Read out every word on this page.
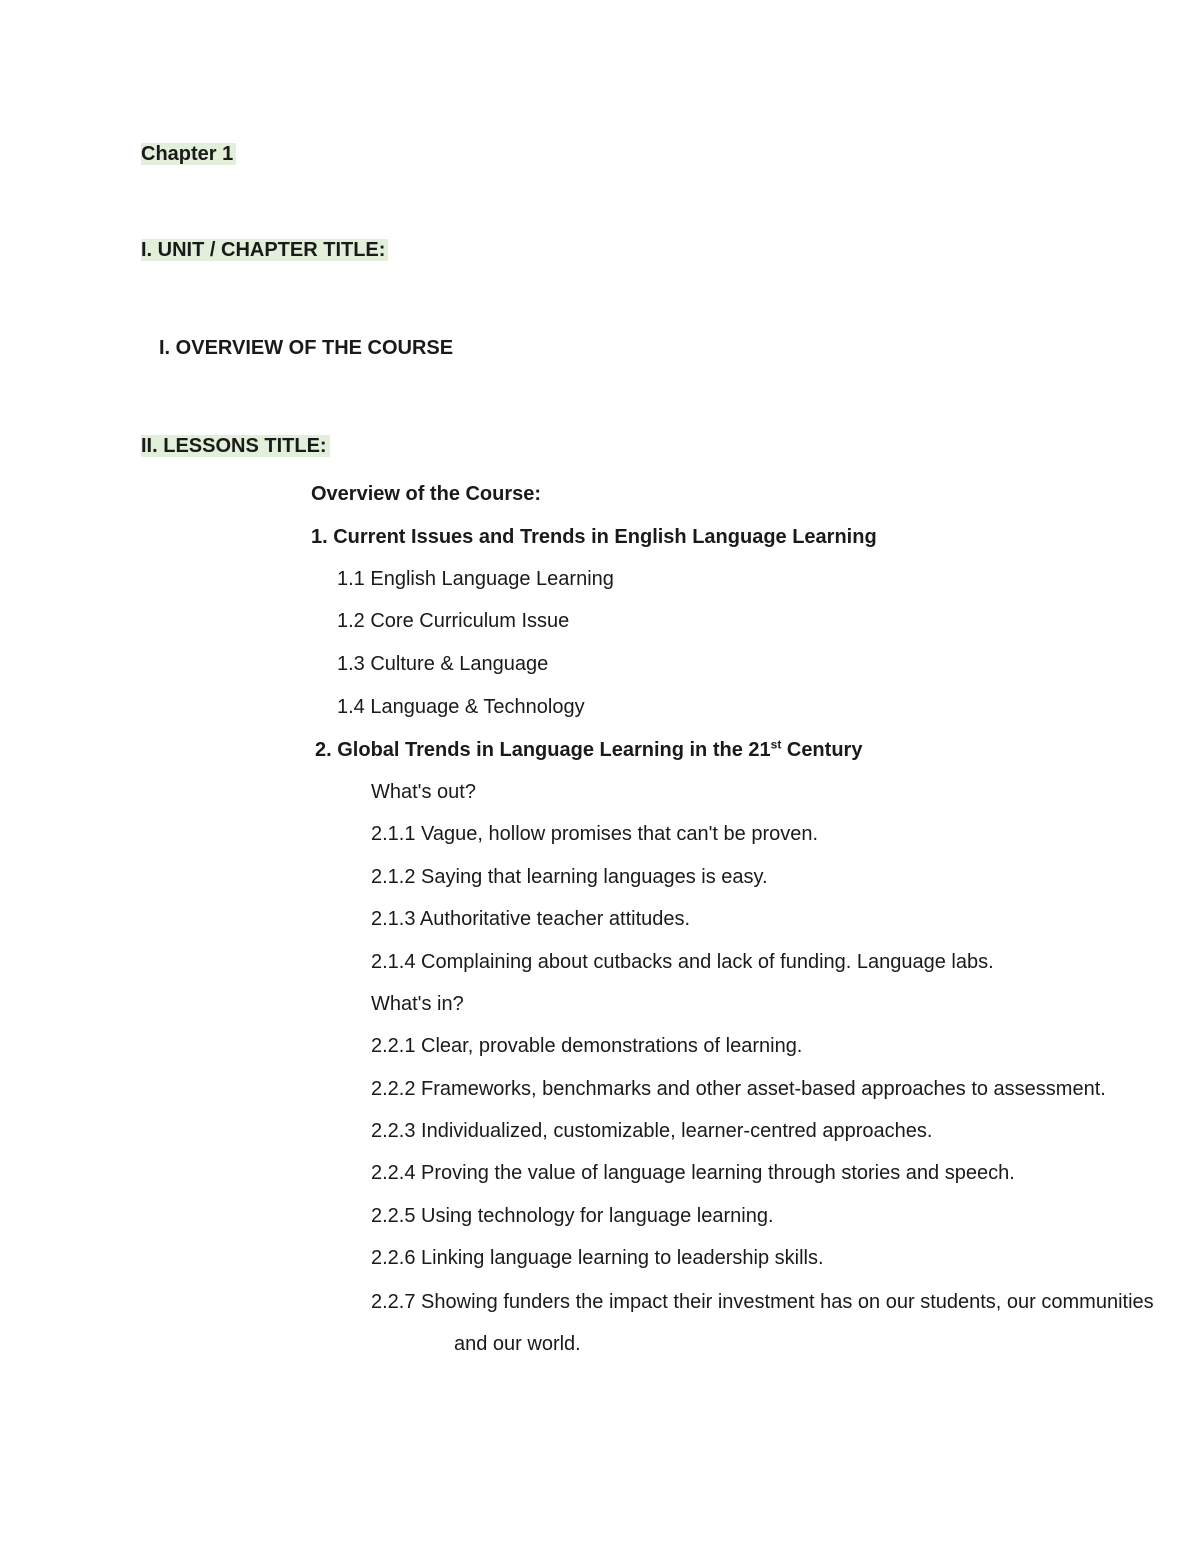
Chapter 1
I. UNIT / CHAPTER TITLE:
I. OVERVIEW OF THE COURSE
II. LESSONS TITLE:
Overview of the Course:
1. Current Issues and Trends in English Language Learning
1.1 English Language Learning
1.2 Core Curriculum Issue
1.3 Culture & Language
1.4 Language & Technology
2. Global Trends in Language Learning in the 21st Century
What's out?
2.1.1 Vague, hollow promises that can't be proven.
2.1.2 Saying that learning languages is easy.
2.1.3 Authoritative teacher attitudes.
2.1.4 Complaining about cutbacks and lack of funding. Language labs.
What's in?
2.2.1 Clear, provable demonstrations of learning.
2.2.2 Frameworks, benchmarks and other asset-based approaches to assessment.
2.2.3 Individualized, customizable, learner-centred approaches.
2.2.4 Proving the value of language learning through stories and speech.
2.2.5 Using technology for language learning.
2.2.6 Linking language learning to leadership skills.
2.2.7 Showing funders the impact their investment has on our students, our communities
and our world.
